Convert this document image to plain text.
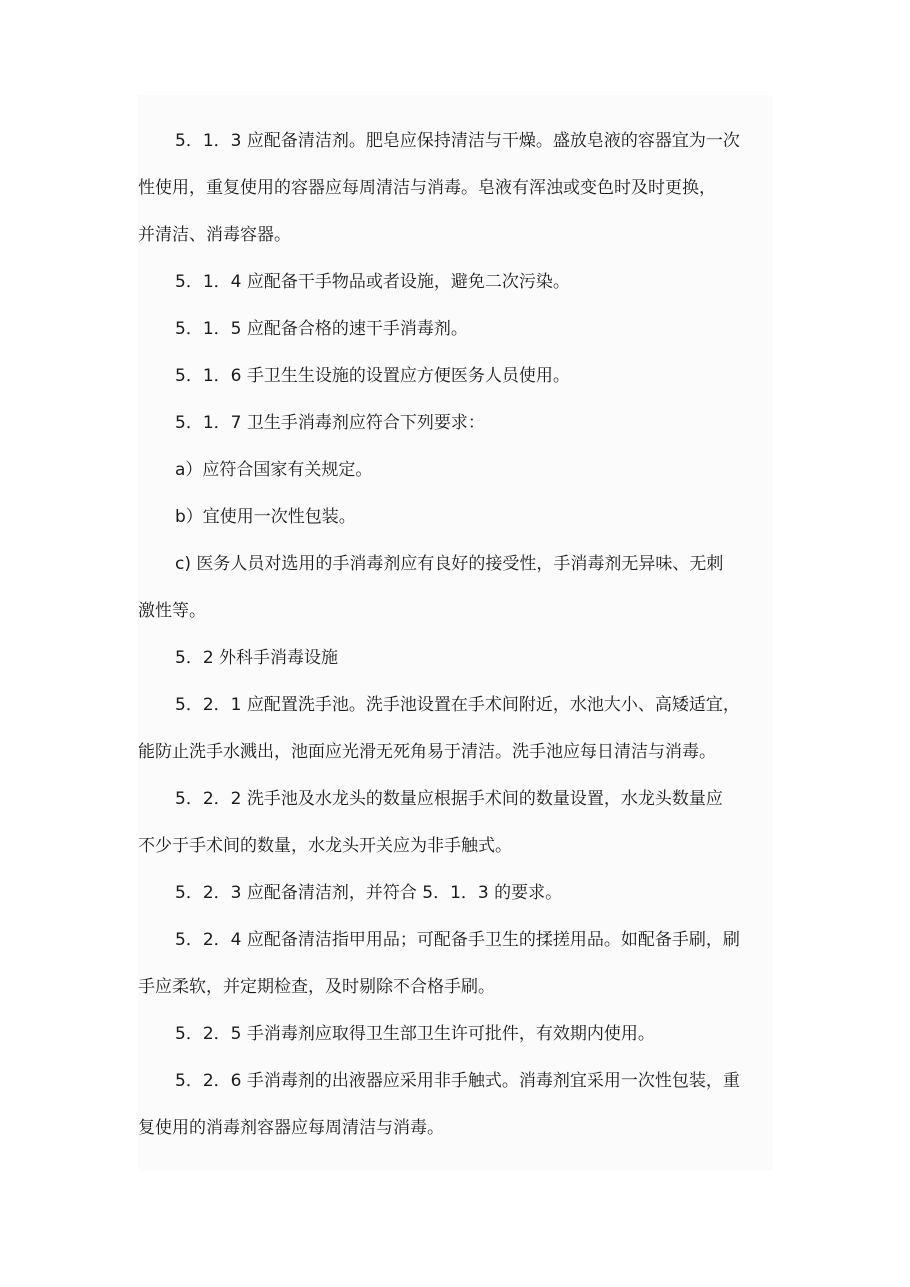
5．1．3 应配备清洁剂。肥皂应保持清洁与干燥。盛放皂液的容器宜为一次
性使用，重复使用的容器应每周清洁与消毒。皂液有浑浊或变色时及时更换，
并清洁、消毒容器。

5．1．4 应配备干手物品或者设施，避免二次污染。

5．1．5 应配备合格的速干手消毒剂。

5．1．6 手卫生生设施的设置应方便医务人员使用。

5．1．7 卫生手消毒剂应符合下列要求：

a）应符合国家有关规定。

b）宜使用一次性包装。

c) 医务人员对选用的手消毒剂应有良好的接受性，手消毒剂无异味、无刺
激性等。

5．2 外科手消毒设施

5．2．1 应配置洗手池。洗手池设置在手术间附近，水池大小、高矮适宜，
能防止洗手水溅出，池面应光滑无死角易于清洁。洗手池应每日清洁与消毒。

5．2．2 洗手池及水龙头的数量应根据手术间的数量设置，水龙头数量应
不少于手术间的数量，水龙头开关应为非手触式。

5．2．3 应配备清洁剂，并符合 5．1．3 的要求。

5．2．4 应配备清洁指甲用品；可配备手卫生的揉搓用品。如配备手刷，刷
手应柔软，并定期检查，及时剔除不合格手刷。

5．2．5 手消毒剂应取得卫生部卫生许可批件，有效期内使用。

5．2．6 手消毒剂的出液器应采用非手触式。消毒剂宜采用一次性包装，重
复使用的消毒剂容器应每周清洁与消毒。
